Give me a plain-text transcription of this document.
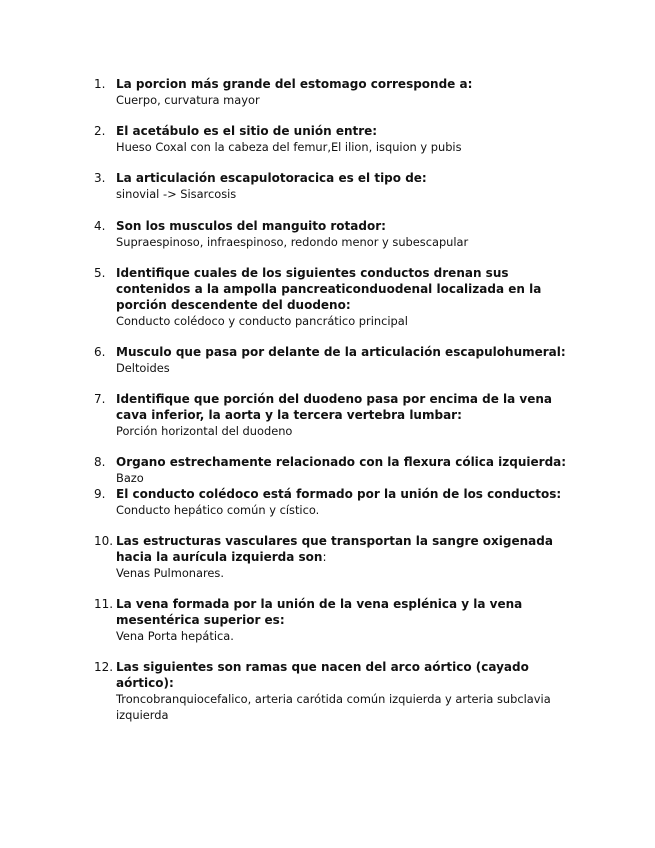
1. La porcion más grande del estomago corresponde a:

Cuerpo, curvatura mayor

2. El acetábulo es el sitio de unión entre:

Hueso Coxal con la cabeza del femur,El ilion, isquion y pubis

3. La articulación escapulotoracica es el tipo de:

sinovial -> Sisarcosis

4. Son los musculos del manguito rotador:

Supraespinoso, infraespinoso, redondo menor y subescapular

5. Identifique cuales de los siguientes conductos drenan sus

contenidos a la ampolla pancreaticonduodenal localizada en la

porción descendente del duodeno:

Conducto colédoco y conducto pancrático principal

6. Musculo que pasa por delante de la articulación escapulohumeral:

Deltoides

7. Identifique que porción del duodeno pasa por encima de la vena

cava inferior, la aorta y la tercera vertebra lumbar:

Porción horizontal del duodeno

8. Organo estrechamente relacionado con la flexura cólica izquierda:

Bazo

9. El conducto colédoco está formado por la unión de los conductos:

Conducto hepático común y cístico.

10. Las estructuras vasculares que transportan la sangre oxigenada

hacia la aurícula izquierda son:

Venas Pulmonares.

11. La vena formada por la unión de la vena esplénica y la vena

mesentérica superior es:

Vena Porta hepática.

12. Las siguientes son ramas que nacen del arco aórtico (cayado

aórtico):

Troncobranquiocefalico, arteria carótida común izquierda y arteria subclavia

izquierda
